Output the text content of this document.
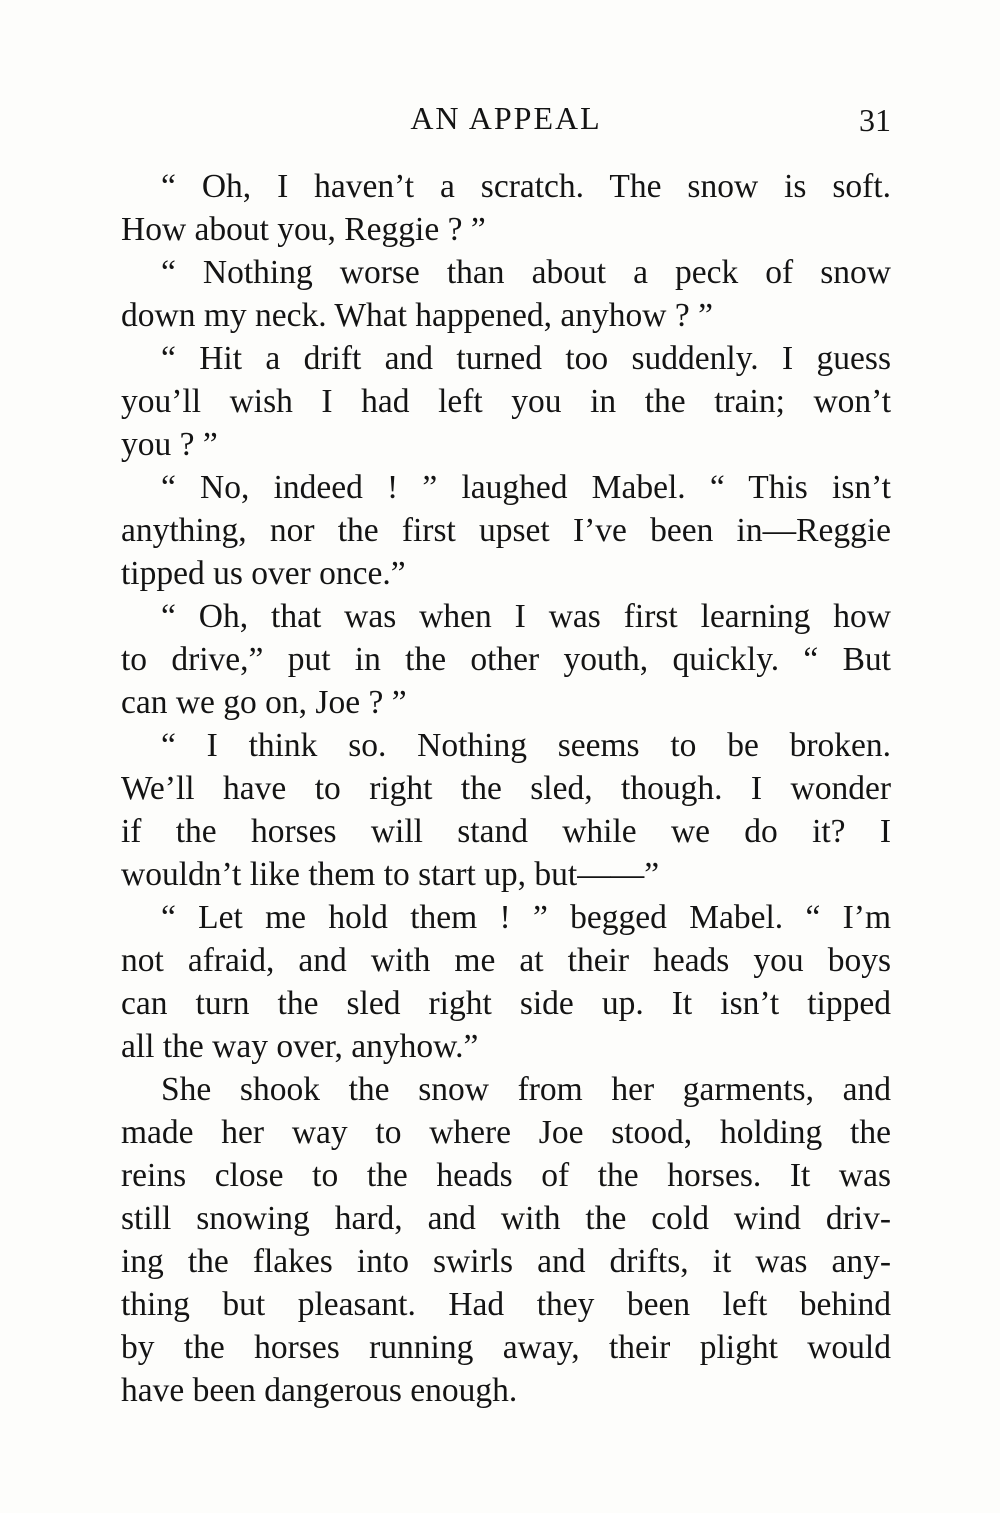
AN APPEAL	31
“ Oh, I haven’t a scratch. The snow is soft.
How about you, Reggie ? ”
“ Nothing worse than about a peck of snow
down my neck. What happened, anyhow ? ”
“ Hit a drift and turned too suddenly. I guess
you’ll wish I had left you in the train; won’t
you ? ”
“ No, indeed ! ” laughed Mabel. “ This isn’t
anything, nor the first upset I’ve been in—Reggie
tipped us over once.”
“ Oh, that was when I was first learning how
to drive,” put in the other youth, quickly. “ But
can we go on, Joe ? ”
“ I think so. Nothing seems to be broken.
We’ll have to right the sled, though. I wonder
if the horses will stand while we do it? I
wouldn’t like them to start up, but——”
“ Let me hold them ! ” begged Mabel. “ I’m
not afraid, and with me at their heads you boys
can turn the sled right side up. It isn’t tipped
all the way over, anyhow.”
She shook the snow from her garments, and
made her way to where Joe stood, holding the
reins close to the heads of the horses. It was
still snowing hard, and with the cold wind driv-
ing the flakes into swirls and drifts, it was any-
thing but pleasant. Had they been left behind
by the horses running away, their plight would
have been dangerous enough.
